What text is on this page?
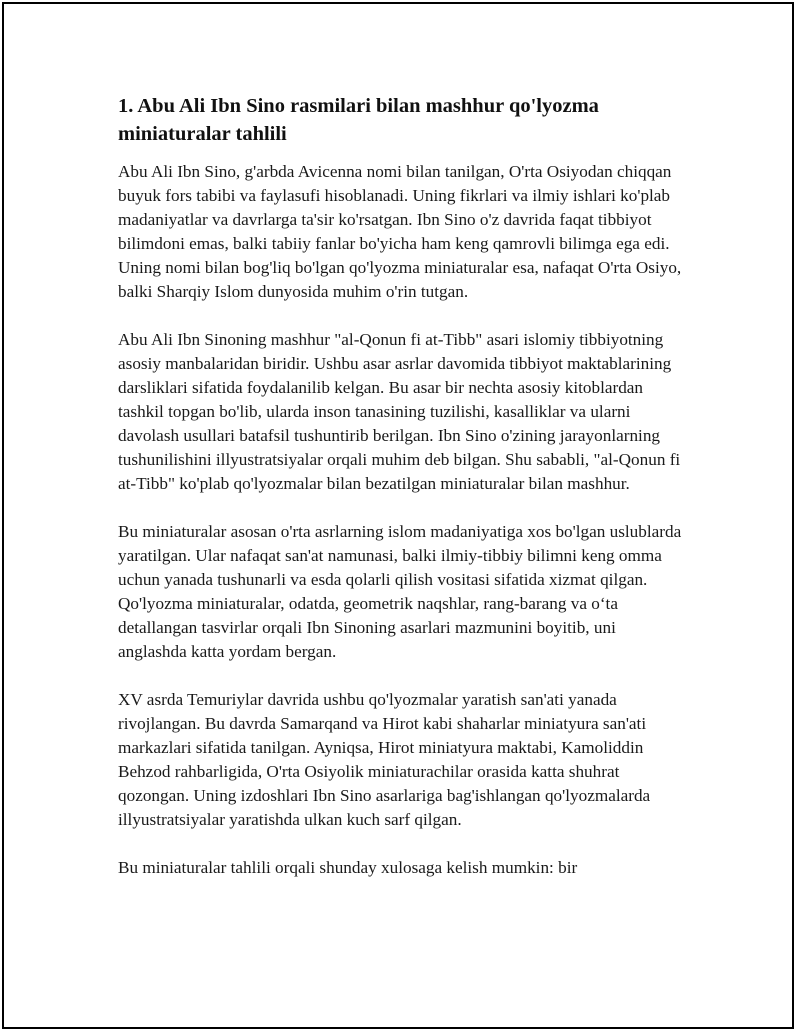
1. Abu Ali Ibn Sino rasmilari bilan mashhur qo'lyozma miniaturalar tahlili

Abu Ali Ibn Sino, g'arbda Avicenna nomi bilan tanilgan, O'rta Osiyodan chiqqan buyuk fors tabibi va faylasufi hisoblanadi. Uning fikrlari va ilmiy ishlari ko'plab madaniyatlar va davrlarga ta'sir ko'rsatgan. Ibn Sino o'z davrida faqat tibbiyot bilimdoni emas, balki tabiiy fanlar bo'yicha ham keng qamrovli bilimga ega edi. Uning nomi bilan bog'liq bo'lgan qo'lyozma miniaturalar esa, nafaqat O'rta Osiyo, balki Sharqiy Islom dunyosida muhim o'rin tutgan.

Abu Ali Ibn Sinoning mashhur "al-Qonun fi at-Tibb" asari islomiy tibbiyotning asosiy manbalaridan biridir. Ushbu asar asrlar davomida tibbiyot maktablarining darsliklari sifatida foydalanilib kelgan. Bu asar bir nechta asosiy kitoblardan tashkil topgan bo'lib, ularda inson tanasining tuzilishi, kasalliklar va ularni davolash usullari batafsil tushuntirib berilgan. Ibn Sino o'zining jarayonlarning tushunilishini illyustratsiyalar orqali muhim deb bilgan. Shu sababli, "al-Qonun fi at-Tibb" ko'plab qo'lyozmalar bilan bezatilgan miniaturalar bilan mashhur.

Bu miniaturalar asosan o'rta asrlarning islom madaniyatiga xos bo'lgan uslublarda yaratilgan. Ular nafaqat san'at namunasi, balki ilmiy-tibbiy bilimni keng omma uchun yanada tushunarli va esda qolarli qilish vositasi sifatida xizmat qilgan. Qo'lyozma miniaturalar, odatda, geometrik naqshlar, rang-barang va o‘ta detallangan tasvirlar orqali Ibn Sinoning asarlari mazmunini boyitib, uni anglashda katta yordam bergan.

XV asrda Temuriylar davrida ushbu qo'lyozmalar yaratish san'ati yanada rivojlangan. Bu davrda Samarqand va Hirot kabi shaharlar miniatyura san'ati markazlari sifatida tanilgan. Ayniqsa, Hirot miniatyura maktabi, Kamoliddin Behzod rahbarligida, O'rta Osiyolik miniaturachilar orasida katta shuhrat qozongan. Uning izdoshlari Ibn Sino asarlariga bag'ishlangan qo'lyozmalarda illyustratsiyalar yaratishda ulkan kuch sarf qilgan.

Bu miniaturalar tahlili orqali shunday xulosaga kelish mumkin: bir
